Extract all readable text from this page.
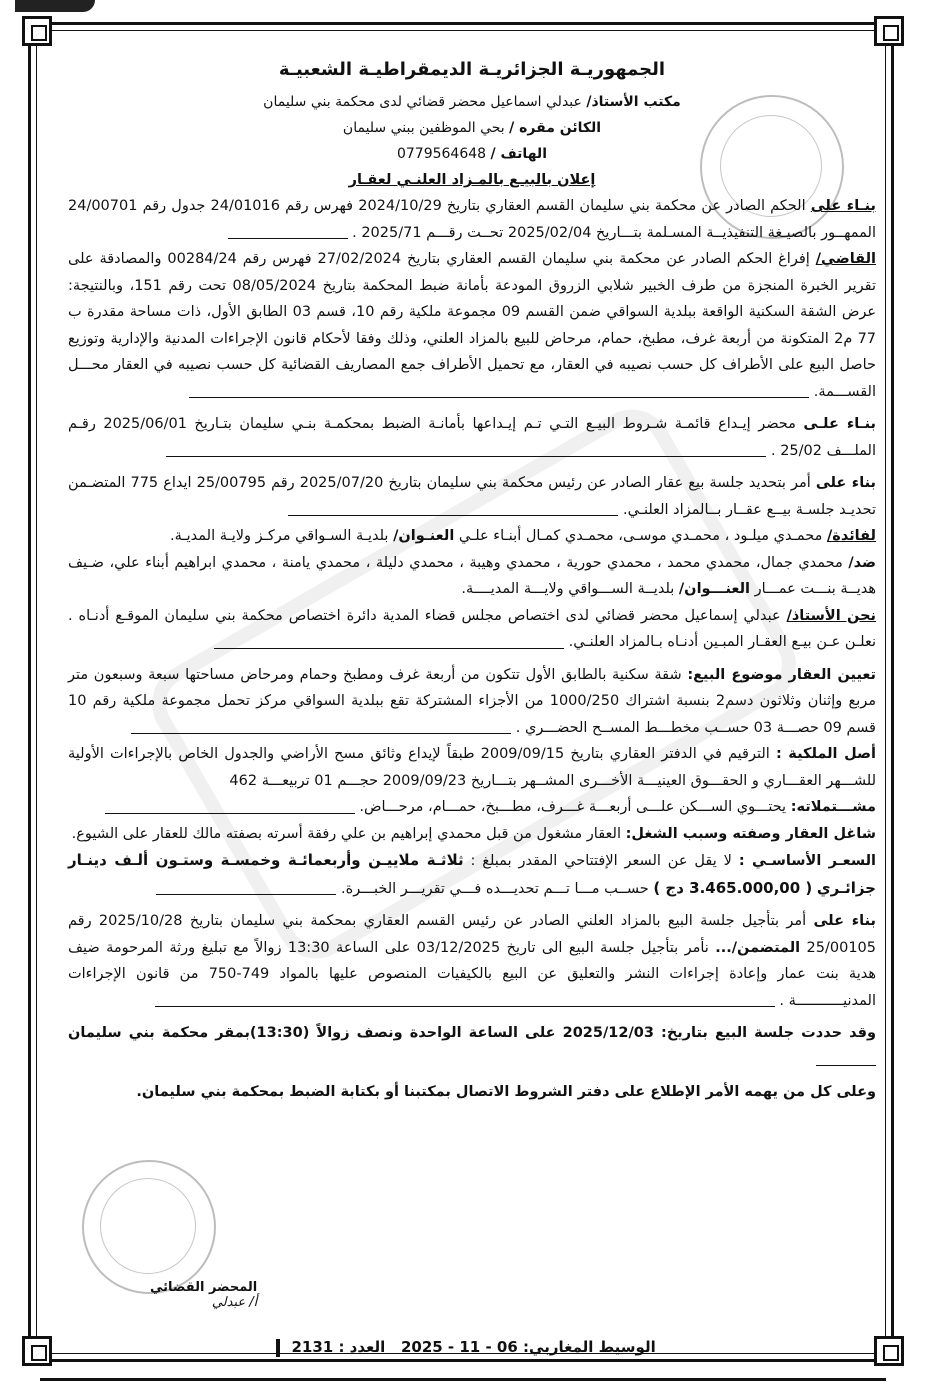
الجمهوريـة الجزائريـة الديمقراطيـة الشعبيـة
مكتب الأستاذ/ عبدلي اسماعيل محضر قضائي لدى محكمة بني سليمان
الكائن مقره / بحي الموظفين ببني سليمان
الهاتف / 0779564648
إعلان بالبيـع بالمـزاد العلنـي لعقـار

بنـاء على الحكم الصادر عن محكمة بني سليمان القسم العقاري بتاريخ 2024/10/29 فهرس رقم 24/01016 جدول رقم 24/00701 الممهــور بالصيـغة التنفيذيــة المسـلمة بتـــاريخ 2025/02/04 تحــت رقـــم 2025/71 .

القاضي/ إفراغ الحكم الصادر عن محكمة بني سليمان القسم العقاري بتاريخ 27/02/2024 فهرس رقم 00284/24 والمصادقة على تقرير الخبرة المنجزة من طرف الخبير شلابي الزروق المودعة بأمانة ضبط المحكمة بتاريخ 08/05/2024 تحت رقم 151، وبالنتيجة: عرض الشقة السكنية الواقعة ببلدية السواقي ضمن القسم 09 مجموعة ملكية رقم 10، قسم 03 الطابق الأول، ذات مساحة مقدرة ب 77 م2 المتكونة من أربعة غرف، مطبخ، حمام، مرحاض للبيع بالمزاد العلني، وذلك وفقا لأحكام قانون الإجراءات المدنية والإدارية وتوزيع حاصل البيع على الأطراف كل حسب نصيبه في العقار، مع تحميل الأطراف جمع المصاريف القضائية كل حسب نصيبه في العقار محـــل القســـمة.

بنـاء علـى محضر إيـداع قائمـة شـروط البيـع التـي تـم إيـداعها بأمانـة الضبط بمحكمـة بنـي سليمان بتـاريخ 2025/06/01 رقـم الملـــف 25/02 .

بناء على أمر بتحديد جلسة بيع عقار الصادر عن رئيس محكمة بني سليمان بتاريخ 2025/07/20 رقم 25/00795 ايداع 775 المتضـمن تحديـد جلسـة بيــع عقــار بــالمزاد العلنـي.

لفائدة/ محمـدي ميلـود ، محمـدي موسـى، محمـدي كمـال أبنـاء علـي العنـوان/ بلديـة السـواقي مركـز ولايـة المديـة.

ضد/ محمدي جمال، محمدي محمد ، محمدي حورية ، محمدي وهيبة ، محمدي دليلة ، محمدي يامنة ، محمدي ابراهيم أبناء علي، ضـيف هديــة بنـــت عمـــار العنـــوان/ بلديــة الســـواقي ولايـــة المديــــة.

نحن الأستاذ/ عبدلي إسماعيل محضر قضائي لدى اختصاص مجلس قضاء المدية دائرة اختصاص محكمة بني سليمان الموقـع أدنـاه . نعلـن عـن بيـع العقـار المبـين أدنـاه بـالمزاد العلنـي.

تعيين العقار موضوع البيع: شقة سكنية بالطابق الأول تتكون من أربعة غرف ومطبخ وحمام ومرحاض مساحتها سبعة وسبعون متر مربع وإثنان وثلاثون دسم2 بنسبة اشتراك 1000/250 من الأجزاء المشتركة تقع ببلدية السواقي مركز تحمل مجموعة ملكية رقم 10 قسم 09 حصـــة 03 حســب مخطـــط المســح الحضـــري .

أصل الملكية : الترقيم في الدفتر العقاري بتاريخ 2009/09/15 طبقاً لإيداع وثائق مسح الأراضي والجدول الخاص بالإجراءات الأولية للشـــهر العقـــاري و الحقـــوق العينيـــة الأخـــرى المشــهر بتـــاريخ 2009/09/23 حجـــم 01 تربيعـــة 462

مشـــتملاته: يحتـــوي الســـكن علـــى أربعـــة غـــرف، مطـــبخ، حمـــام، مرحـــاض.

شاغل العقار وصفته وسبب الشغل: العقار مشغول من قبل محمدي إبراهيم بن علي رفقة أسرته بصفته مالك للعقار على الشيوع.

السعـر الأساسـي : لا يقل عن السعر الإفتتاحي المقدر بمبلغ : ثلاثـة ملاييـن وأربعمائـة وخمسـة وستـون ألـف دينـار جزائـري ( 3.465.000,00 دج ) حســب مـــا تـــم تحديـــده فـــي تقريـــر الخبـــرة.

بناء على أمر بتأجيل جلسة البيع بالمزاد العلني الصادر عن رئيس القسم العقاري بمحكمة بني سليمان بتاريخ 2025/10/28 رقم 25/00105 المتضمن/... نأمر بتأجيل جلسة البيع الى تاريخ 03/12/2025 على الساعة 13:30 زوالاً مع تبليغ ورثة المرحومة ضيف هدية بنت عمار وإعادة إجراءات النشر والتعليق عن البيع بالكيفيات المنصوص عليها بالمواد 749-750 من قانون الإجراءات المدنيـــــــــــة .

وقد حددت جلسة البيع بتاريخ: 2025/12/03 على الساعة الواحدة ونصف زوالاً (13:30)بمقر محكمة بني سليمان

وعلى كل من يهمه الأمر الإطلاع على دفتر الشروط الاتصال بمكتبنا أو بكتابة الضبط بمحكمة بني سليمان.

المحضر القضائي
أ/ عبدلي
الوسيط المغاربي: 06 - 11 - 2025   العدد : 2131
